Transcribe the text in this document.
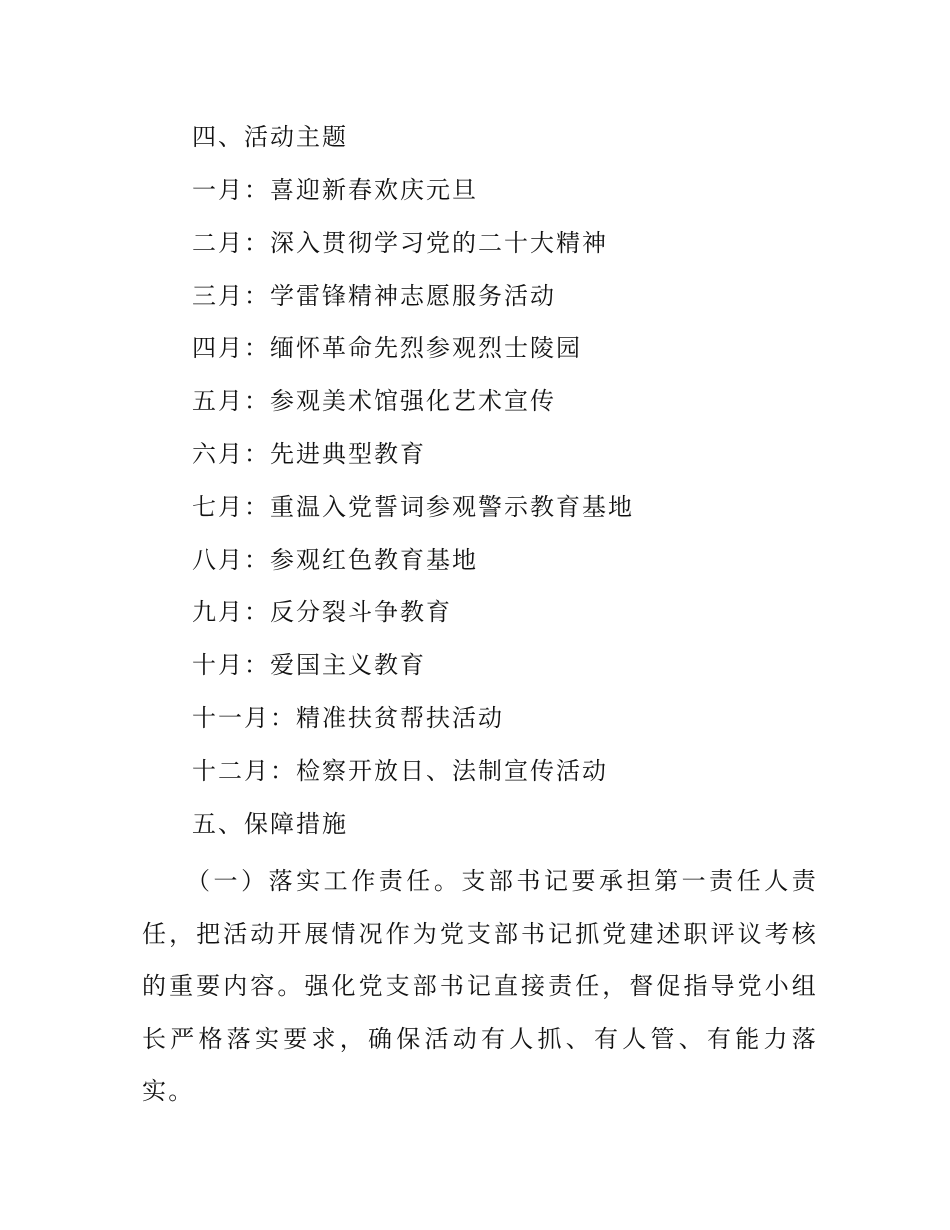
四、活动主题
一月：喜迎新春欢庆元旦
二月：深入贯彻学习党的二十大精神
三月：学雷锋精神志愿服务活动
四月：缅怀革命先烈参观烈士陵园
五月：参观美术馆强化艺术宣传
六月：先进典型教育
七月：重温入党誓词参观警示教育基地
八月：参观红色教育基地
九月：反分裂斗争教育
十月：爱国主义教育
十一月：精准扶贫帮扶活动
十二月：检察开放日、法制宣传活动
五、保障措施
（一）落实工作责任。支部书记要承担第一责任人责任，把活动开展情况作为党支部书记抓党建述职评议考核的重要内容。强化党支部书记直接责任，督促指导党小组长严格落实要求，确保活动有人抓、有人管、有能力落实。
